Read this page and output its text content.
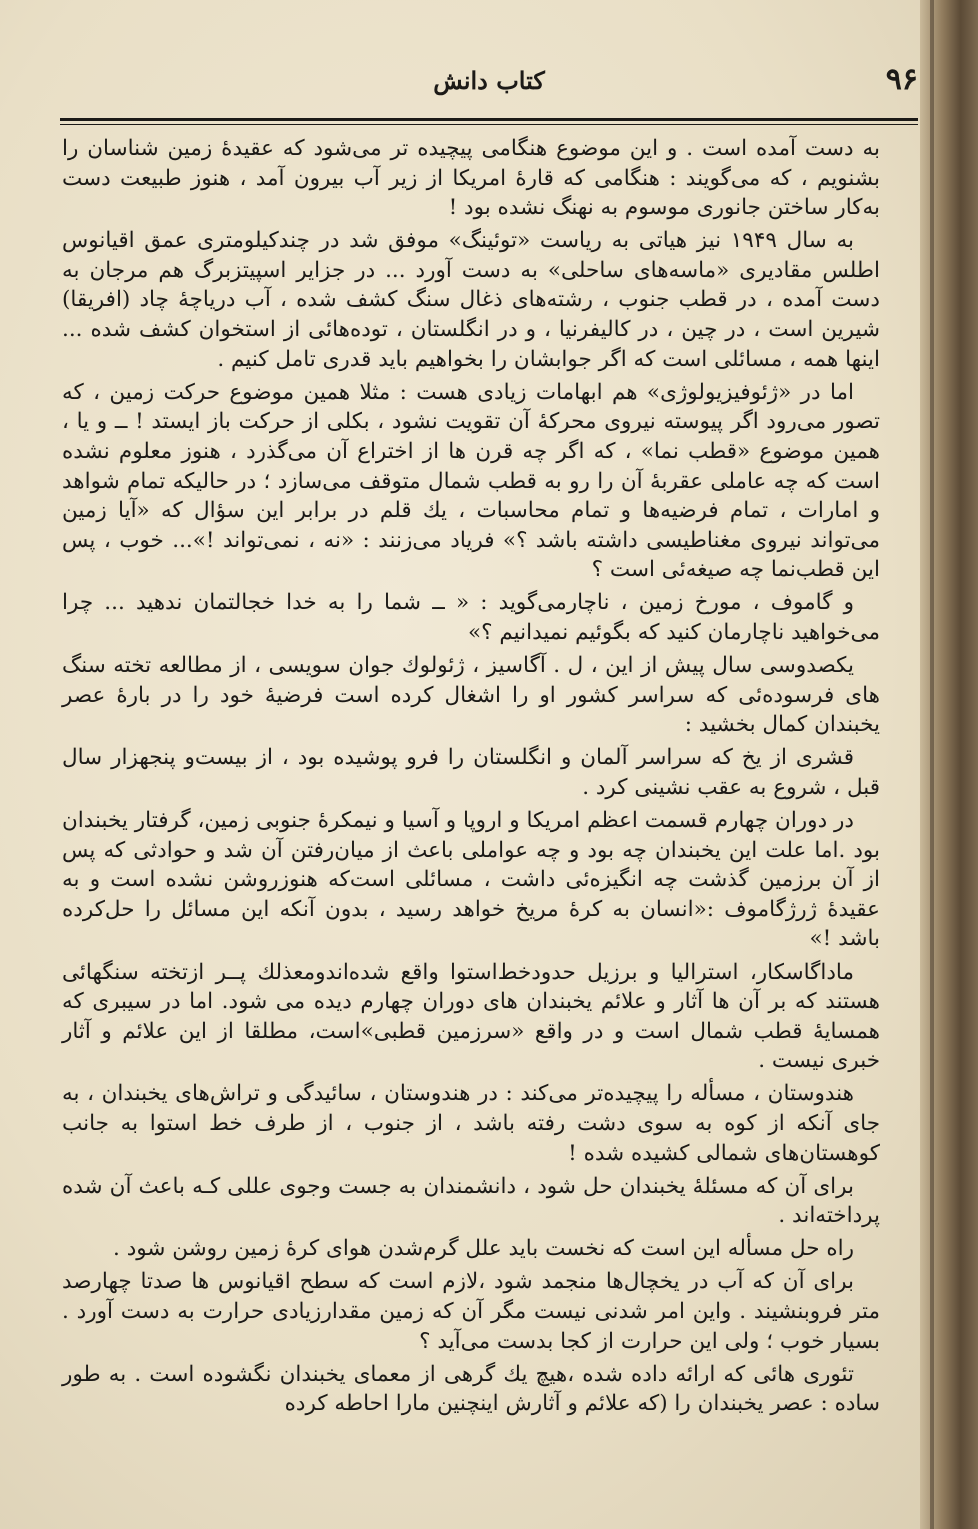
۹۶
کتاب دانش

به دست آمده است . و این موضوع هنگامی پیچیده تر می‌شود که عقیدهٔ زمین شناسان را بشنویم ، که می‌گویند : هنگامی که قارهٔ امریکا از زیر آب بیرون آمد ، هنوز طبیعت دست به‌کار ساختن جانوری موسوم به نهنگ نشده بود !

به سال ۱۹۴۹ نیز هیاتی به ریاست «توئینگ» موفق شد در چندکیلومتری عمق اقیانوس اطلس مقادیری «ماسه‌های ساحلی» به دست آورد ... در جزایر اسپیتزبرگ هم مرجان به دست آمده ، در قطب جنوب ، رشته‌های ذغال سنگ کشف شده ، آب دریاچهٔ چاد (افریقا) شیرین است ، در چین ، در کالیفرنیا ، و در انگلستان ، توده‌هائی از استخوان کشف شده ... اینها همه ، مسائلی است که اگر جوابشان را بخواهیم باید قدری تامل کنیم .

اما در «ژئوفیزیولوژی» هم ابهامات زیادی هست : مثلا همین موضوع حرکت زمین ، که تصور می‌رود اگر پیوسته نیروی محرکهٔ آن تقویت نشود ، بکلی از حرکت باز ایستد ! ــ و یا ، همین موضوع «قطب نما» ، که اگر چه قرن ها از اختراع آن می‌گذرد ، هنوز معلوم نشده است که چه عاملی عقربهٔ آن را رو به قطب شمال متوقف می‌سازد ؛ در حالیکه تمام شواهد و امارات ، تمام فرضیه‌ها و تمام محاسبات ، یك قلم در برابر این سؤال که «آیا زمین می‌تواند نیروی مغناطیسی داشته باشد ؟» فریاد می‌زنند : «نه ، نمی‌تواند !»... خوب ، پس این قطب‌نما چه صیغه‌ئی است ؟

و گاموف ، مورخ زمین ، ناچارمی‌گوید : « ــ شما را به خدا خجالتمان ندهید ... چرا می‌خواهید ناچارمان کنید که بگوئیم نمیدانیم ؟»

یکصدوسی سال پیش از این ، ل . آگاسیز ، ژئولوك جوان سویسی ، از مطالعه تخته سنگ های فرسوده‌ئی که سراسر کشور او را اشغال کرده است فرضیهٔ خود را در بارهٔ عصر یخبندان کمال بخشید :

قشری از یخ که سراسر آلمان و انگلستان را فرو پوشیده بود ، از بیست‌و پنجهزار سال قبل ، شروع به عقب نشینی کرد .

در دوران چهارم قسمت اعظم امریکا و اروپا و آسیا و نیمکرهٔ جنوبی زمین، گرفتار یخبندان بود .اما علت این یخبندان چه بود و چه عواملی باعث از میان‌رفتن آن شد و حوادثی که پس از آن برزمین گذشت چه انگیزه‌ئی داشت ، مسائلی است‌که هنوزروشن نشده است و به عقیدهٔ ژرژگاموف :«انسان به کرهٔ مریخ خواهد رسید ، بدون آنکه این مسائل را حل‌کرده باشد !»

ماداگاسکار، استرالیا و برزیل حدودخط‌استوا واقع شده‌اندومعذلك پــر ازتخته سنگهائی هستند که بر آن ها آثار و علائم یخبندان های دوران چهارم دیده می شود. اما در سیبری که همسایهٔ قطب شمال است و در واقع «سرزمین قطبی»است، مطلقا از این علائم و آثار خبری نیست .

هندوستان ، مسأله را پیچیده‌تر می‌کند : در هندوستان ، سائیدگی و تراش‌های یخبندان ، به جای آنکه از کوه به سوی دشت رفته باشد ، از جنوب ، از طرف خط استوا به جانب کوهستان‌های شمالی کشیده شده !

برای آن که مسئلهٔ یخبندان حل شود ، دانشمندان به جست وجوی عللی کـه باعث آن شده پرداخته‌اند .

راه حل مسأله این است که نخست باید علل گرم‌شدن هوای کرهٔ زمین روشن شود .

برای آن که آب در یخچال‌ها منجمد شود ،لازم است که سطح اقیانوس ها صدتا چهارصد متر فروبنشیند . واین امر شدنی نیست مگر آن که زمین مقدارزیادی حرارت به دست آورد . بسیار خوب ؛ ولی این حرارت از کجا بدست می‌آید ؟

تئوری هائی که ارائه داده شده ،هیچ یك گرهی از معمای یخبندان نگشوده است . به طور ساده : عصر یخبندان را (که علائم و آثارش اینچنین مارا احاطه کرده
